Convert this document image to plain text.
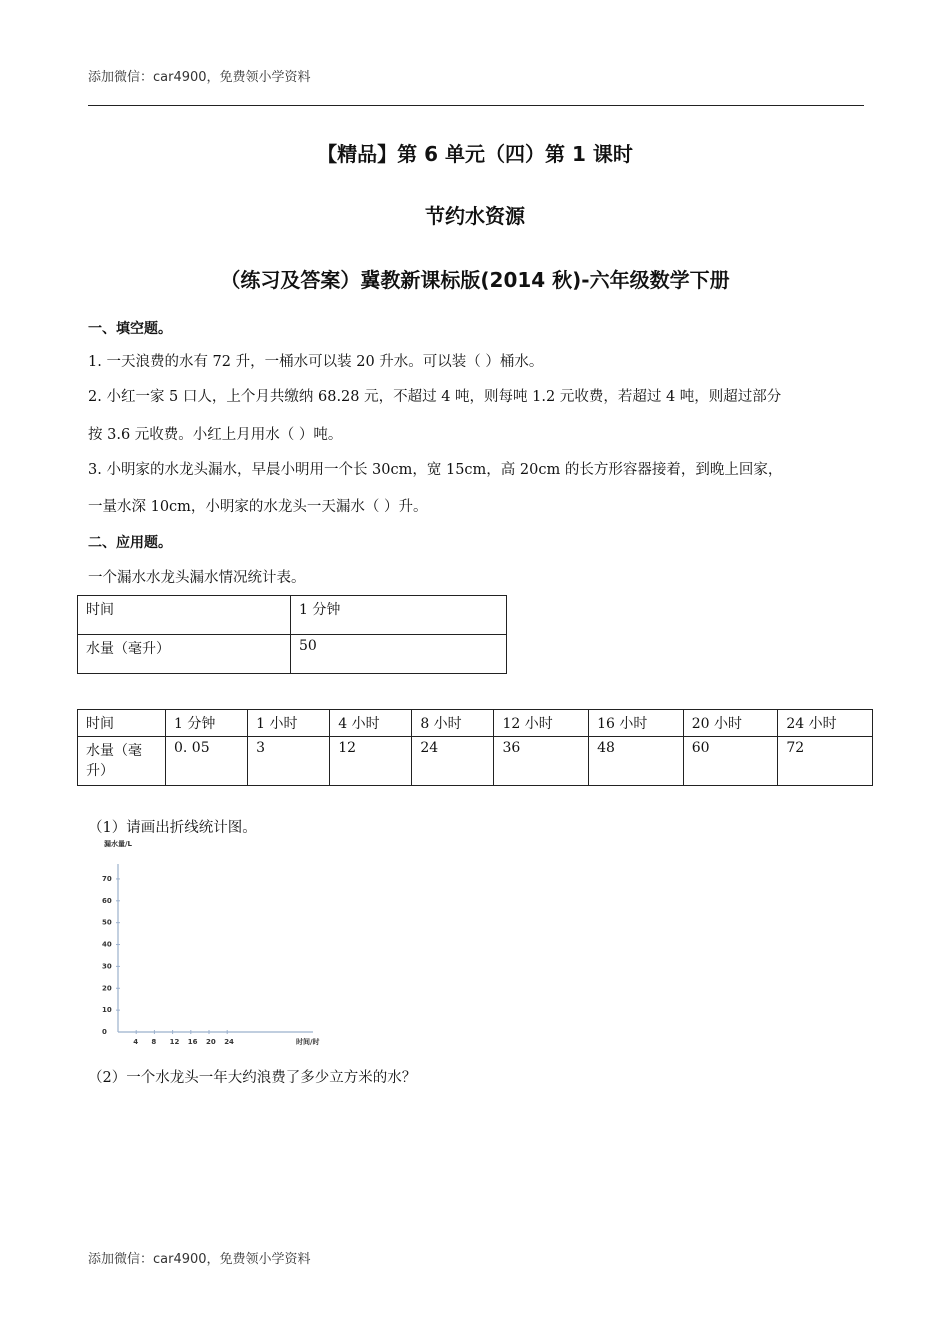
添加微信：car4900，免费领小学资料
【精品】第 6 单元（四）第 1 课时
节约水资源
（练习及答案）冀教新课标版(2014 秋)-六年级数学下册
一、填空题。
1. 一天浪费的水有 72 升，一桶水可以装 20 升水。可以装（ ）桶水。
2. 小红一家 5 口人，上个月共缴纳 68.28 元，不超过 4 吨，则每吨 1.2 元收费，若超过 4 吨，则超过部分
按 3.6 元收费。小红上月用水（ ）吨。
3. 小明家的水龙头漏水，早晨小明用一个长 30cm，宽 15cm，高 20cm 的长方形容器接着，到晚上回家，
一量水深 10cm，小明家的水龙头一天漏水（ ）升。
二、应用题。
一个漏水水龙头漏水情况统计表。
时间	1 分钟
水量（毫升）	50
时间	1 分钟	1 小时	4 小时	8 小时	12 小时	16 小时	20 小时	24 小时
水量（毫升）	0. 05	3	12	24	36	48	60	72
（1）请画出折线统计图。
漏水量/L
时间/时
0
10
20
30
40
50
60
70
4 8 12 16 20 24
（2）一个水龙头一年大约浪费了多少立方米的水？
添加微信：car4900，免费领小学资料
